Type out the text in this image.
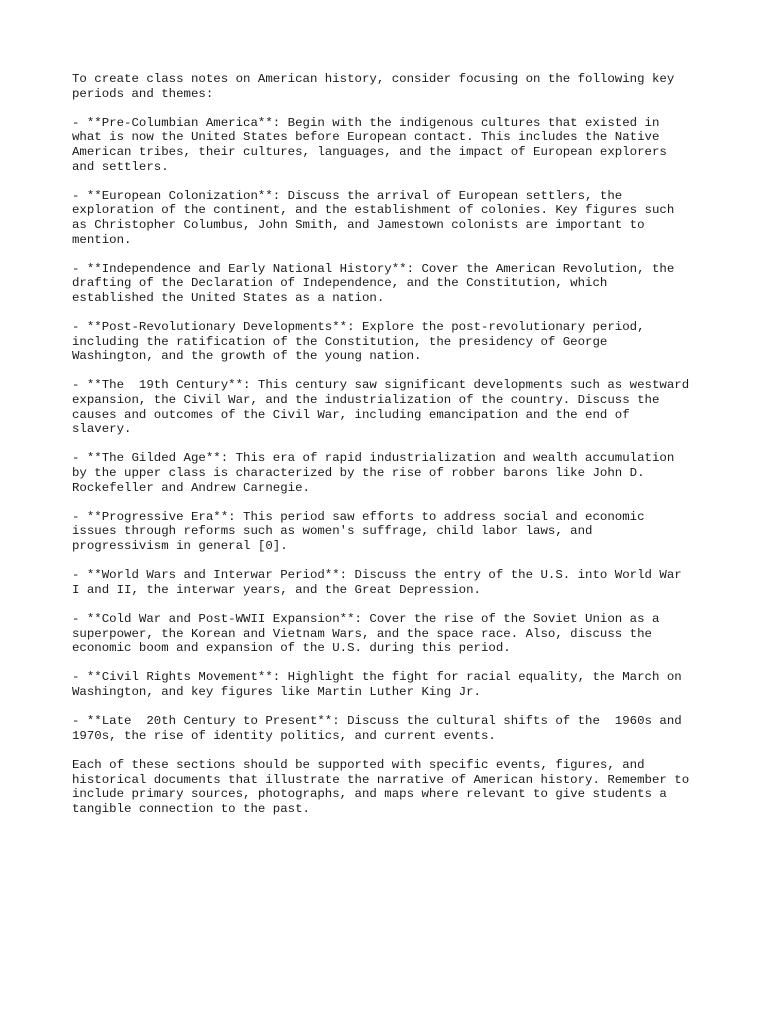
To create class notes on American history, consider focusing on the following key
periods and themes:

- **Pre-Columbian America**: Begin with the indigenous cultures that existed in
what is now the United States before European contact. This includes the Native
American tribes, their cultures, languages, and the impact of European explorers
and settlers.

- **European Colonization**: Discuss the arrival of European settlers, the
exploration of the continent, and the establishment of colonies. Key figures such
as Christopher Columbus, John Smith, and Jamestown colonists are important to
mention.

- **Independence and Early National History**: Cover the American Revolution, the
drafting of the Declaration of Independence, and the Constitution, which
established the United States as a nation.

- **Post-Revolutionary Developments**: Explore the post-revolutionary period,
including the ratification of the Constitution, the presidency of George
Washington, and the growth of the young nation.

- **The  19th Century**: This century saw significant developments such as westward
expansion, the Civil War, and the industrialization of the country. Discuss the
causes and outcomes of the Civil War, including emancipation and the end of
slavery.

- **The Gilded Age**: This era of rapid industrialization and wealth accumulation
by the upper class is characterized by the rise of robber barons like John D.
Rockefeller and Andrew Carnegie.

- **Progressive Era**: This period saw efforts to address social and economic
issues through reforms such as women's suffrage, child labor laws, and
progressivism in general [0].

- **World Wars and Interwar Period**: Discuss the entry of the U.S. into World War
I and II, the interwar years, and the Great Depression.

- **Cold War and Post-WWII Expansion**: Cover the rise of the Soviet Union as a
superpower, the Korean and Vietnam Wars, and the space race. Also, discuss the
economic boom and expansion of the U.S. during this period.

- **Civil Rights Movement**: Highlight the fight for racial equality, the March on
Washington, and key figures like Martin Luther King Jr.

- **Late  20th Century to Present**: Discuss the cultural shifts of the  1960s and
1970s, the rise of identity politics, and current events.

Each of these sections should be supported with specific events, figures, and
historical documents that illustrate the narrative of American history. Remember to
include primary sources, photographs, and maps where relevant to give students a
tangible connection to the past.
